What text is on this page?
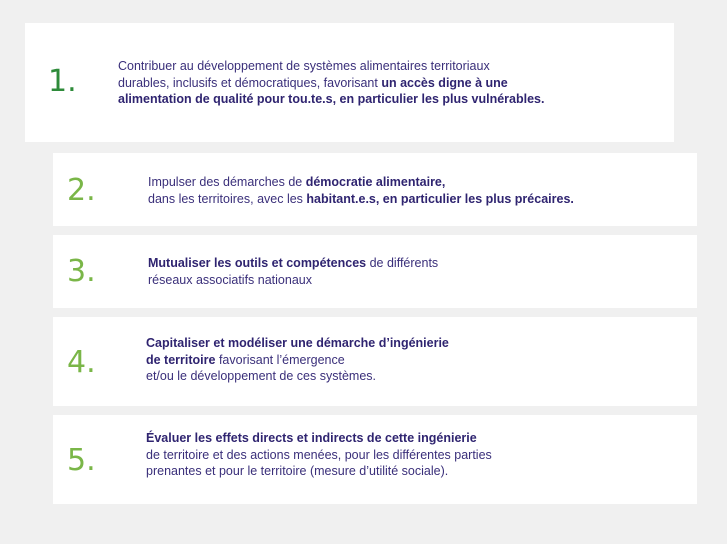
1.	Contribuer au développement de systèmes alimentaires territoriaux
durables, inclusifs et démocratiques, favorisant un accès digne à une
alimentation de qualité pour tou.te.s, en particulier les plus vulnérables.
2.	Impulser des démarches de démocratie alimentaire,
dans les territoires, avec les habitant.e.s, en particulier les plus précaires.
3.	Mutualiser les outils et compétences de différents
réseaux associatifs nationaux
4.
Capitaliser et modéliser une démarche d’ingénierie
de territoire favorisant l’émergence
et/ou le développement de ces systèmes.
5.
Évaluer les effets directs et indirects de cette ingénierie
de territoire et des actions menées, pour les différentes parties
prenantes et pour le territoire (mesure d’utilité sociale).
